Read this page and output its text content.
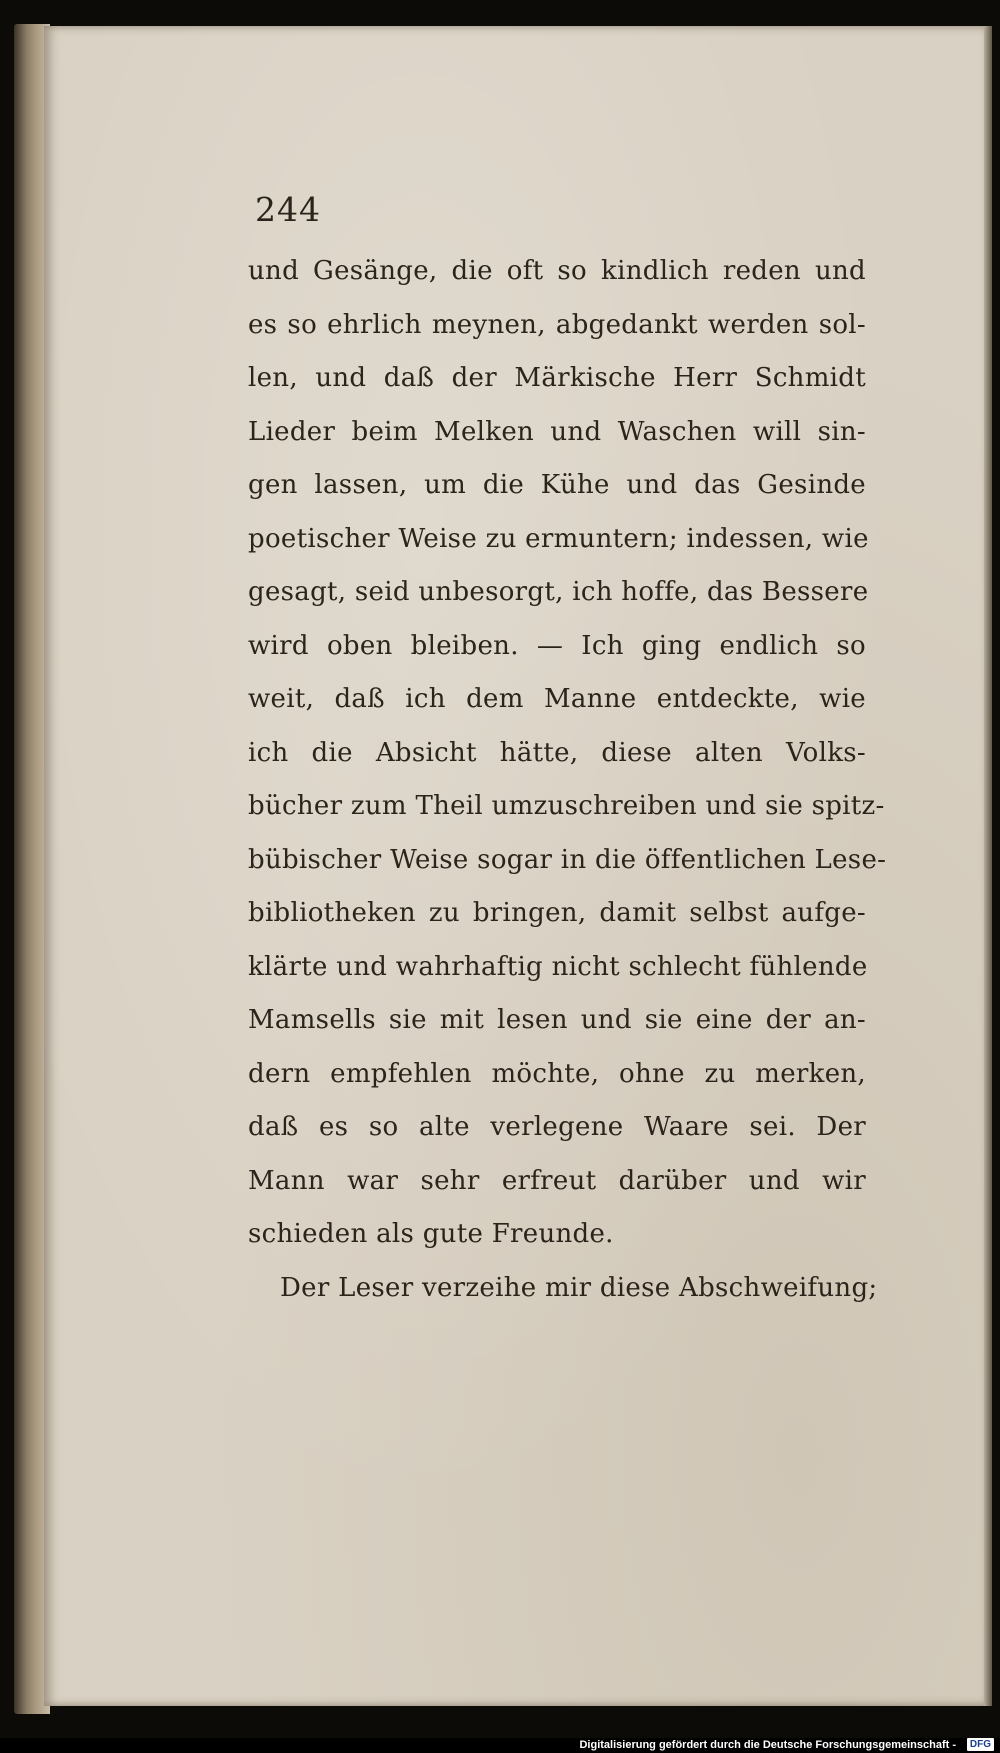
244
und Gesänge, die oft so kindlich reden und
es so ehrlich meynen, abgedankt werden sol-
len, und daß der Märkische Herr Schmidt
Lieder beim Melken und Waschen will sin-
gen lassen, um die Kühe und das Gesinde
poetischer Weise zu ermuntern; indessen, wie
gesagt, seid unbesorgt, ich hoffe, das Bessere
wird oben bleiben. — Ich ging endlich so
weit, daß ich dem Manne entdeckte, wie
ich die Absicht hätte, diese alten Volks-
bücher zum Theil umzuschreiben und sie spitz-
bübischer Weise sogar in die öffentlichen Lese-
bibliotheken zu bringen, damit selbst aufge-
klärte und wahrhaftig nicht schlecht fühlende
Mamsells sie mit lesen und sie eine der an-
dern empfehlen möchte, ohne zu merken,
daß es so alte verlegene Waare sei. Der
Mann war sehr erfreut darüber und wir
schieden als gute Freunde.
Der Leser verzeihe mir diese Abschweifung;
Digitalisierung gefördert durch die Deutsche Forschungsgemeinschaft -	DFG
